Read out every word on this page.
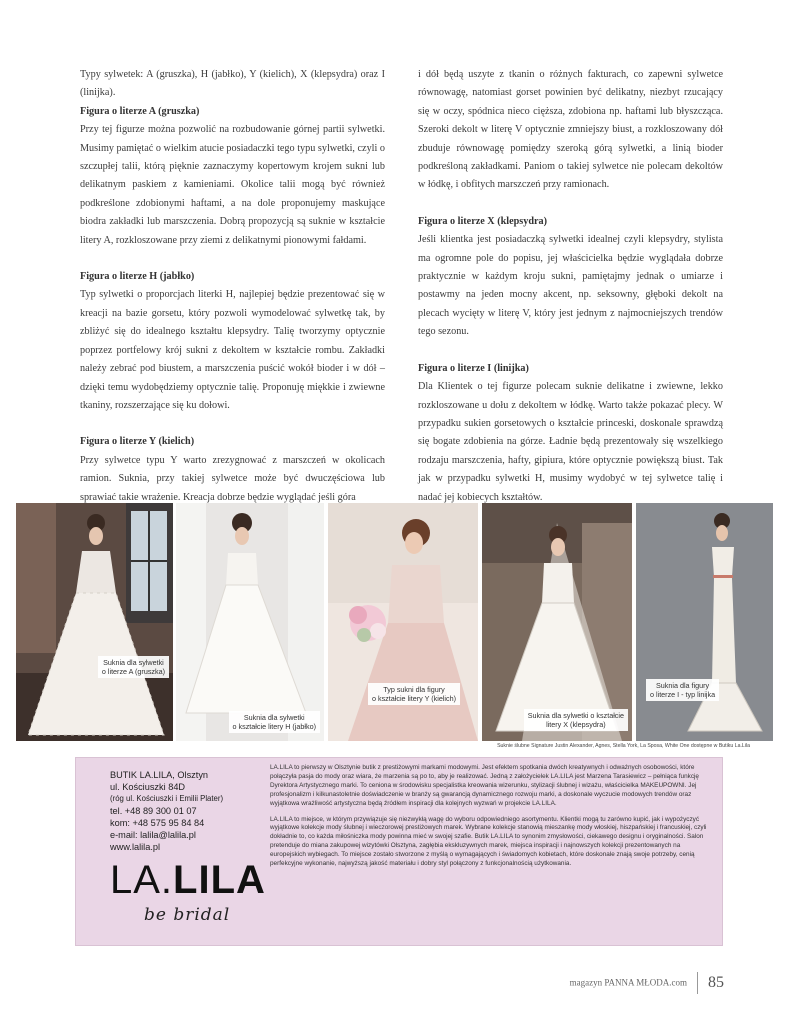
Typy sylwetek: A (gruszka), H (jabłko), Y (kielich), X (klepsydra) oraz I (linijka).

Figura o literze A (gruszka)

Przy tej figurze można pozwolić na rozbudowanie górnej partii sylwetki. Musimy pamiętać o wielkim atucie posiadaczki tego typu sylwetki, czyli o szczupłej talii, którą pięknie zaznaczymy kopertowym krojem sukni lub delikatnym paskiem z kamieniami. Okolice talii mogą być również podkreślone zdobionymi haftami, a na dole proponujemy maskujące biodra zakładki lub marszczenia. Dobrą propozycją są suknie w kształcie litery A, rozkloszowane przy ziemi z delikatnymi pionowymi fałdami.

Figura o literze H (jabłko)

Typ sylwetki o proporcjach literki H, najlepiej będzie prezentować się w kreacji na bazie gorsetu, który pozwoli wymodelować sylwetkę tak, by zbliżyć się do idealnego kształtu klepsydry. Talię tworzymy optycznie poprzez portfelowy krój sukni z dekoltem w kształcie rombu. Zakładki należy zebrać pod biustem, a marszczenia puścić wokół bioder i w dół – dzięki temu wydobędziemy optycznie talię. Proponuję miękkie i zwiewne tkaniny, rozszerzające się ku dołowi.

Figura o literze Y (kielich)

Przy sylwetce typu Y warto zrezygnować z marszczeń w okolicach ramion. Suknia, przy takiej sylwetce może być dwuczęściowa lub sprawiać takie wrażenie. Kreacja dobrze będzie wyglądać jeśli góra

i dół będą uszyte z tkanin o różnych fakturach, co zapewni sylwetce równowagę, natomiast gorset powinien być delikatny, niezbyt rzucający się w oczy, spódnica nieco cięższa, zdobiona np. haftami lub błyszcząca. Szeroki dekolt w literę V optycznie zmniejszy biust, a rozkloszowany dół zbuduje równowagę pomiędzy szeroką górą sylwetki, a linią bioder podkreśloną zakładkami. Paniom o takiej sylwetce nie polecam dekoltów w łódkę, i obfitych marszczeń przy ramionach.

Figura o literze X (klepsydra)

Jeśli klientka jest posiadaczką sylwetki idealnej czyli klepsydry, stylista ma ogromne pole do popisu, jej właścicielka będzie wyglądała dobrze praktycznie w każdym kroju sukni, pamiętajmy jednak o umiarze i postawmy na jeden mocny akcent, np. seksowny, głęboki dekolt na plecach wycięty w literę V, który jest jednym z najmocniejszych trendów tego sezonu.

Figura o literze I (linijka)

Dla Klientek o tej figurze polecam suknie delikatne i zwiewne, lekko rozkloszowane u dołu z dekoltem w łódkę. Warto także pokazać plecy. W przypadku sukien gorsetowych o kształcie princeski, doskonale sprawdzą się bogate zdobienia na górze. Ładnie będą prezentowały się wszelkiego rodzaju marszczenia, hafty, gipiura, które optycznie powiększą biust. Tak jak w przypadku sylwetki H, musimy wydobyć w tej sylwetce talię i nadać jej kobiecych kształtów.

Suknia dla sylwetki
o literze A (gruszka)
Suknia dla sylwetki
o kształcie litery H (jabłko)
Typ sukni dla figury
o kształcie litery Y (kielich)
Suknia dla sylwetki o kształcie
litery X (klepsydra)
Suknia dla figury
o literze I - typ linijka
Suknie ślubne Signature Justin Alexander, Agnes, Stella York, La Sposa, White One dostępne w Butiku La.Lila
BUTIK LA.LILA, Olsztyn
ul. Kościuszki 84D
(róg ul. Kościuszki i Emilii Plater)
tel. +48 89 300 01 07
kom: +48 575 95 84 84
e-mail: lalila@lalila.pl
www.lalila.pl
LA.LILA
be bridal

LA.LILA to pierwszy w Olsztynie butik z prestiżowymi markami modowymi. Jest efektem spotkania dwóch kreatywnych i odważnych osobowości, które połączyła pasja do mody oraz wiara, że marzenia są po to, aby je realizować. Jedną z założycielek LA.LILA jest Marzena Tarasiewicz – pełniąca funkcję Dyrektora Artystycznego marki. To ceniona w środowisku specjalistka kreowania wizerunku, stylizacji ślubnej i wizażu, właścicielka MAKEUPOWNI. Jej profesjonalizm i kilkunastoletnie doświadczenie w branży są gwarancją dynamicznego rozwoju marki, a doskonale wyczucie modowych trendów oraz wyjątkowa wrażliwość artystyczna będą źródłem inspiracji dla kolejnych wyzwań w projekcie LA.LILA.

LA.LILA to miejsce, w którym przywiązuje się niezwykłą wagę do wyboru odpowiedniego asortymentu. Klientki mogą tu zarówno kupić, jak i wypożyczyć wyjątkowe kolekcje mody ślubnej i wieczorowej prestiżowych marek. Wybrane kolekcje stanowią mieszankę mody włoskiej, hiszpańskiej i francuskiej, czyli dokładnie to, co każda miłośniczka mody powinna mieć w swojej szafie. Butik LA.LILA to synonim zmysłowości, ciekawego designu i oryginalności. Salon pretenduje do miana zakupowej wizytówki Olsztyna, zagłębia ekskluzywnych marek, miejsca inspiracji i najnowszych kolekcji prezentowanych na europejskich wybiegach. To miejsce zostało stworzone z myślą o wymagających i świadomych kobietach, które doskonale znają swoje potrzeby, cenią perfekcyjne wykonanie, najwyższą jakość materiału i dobry styl połączony z funkcjonalnością użytkowania.

magazyn PANNA MŁODA.com 85
